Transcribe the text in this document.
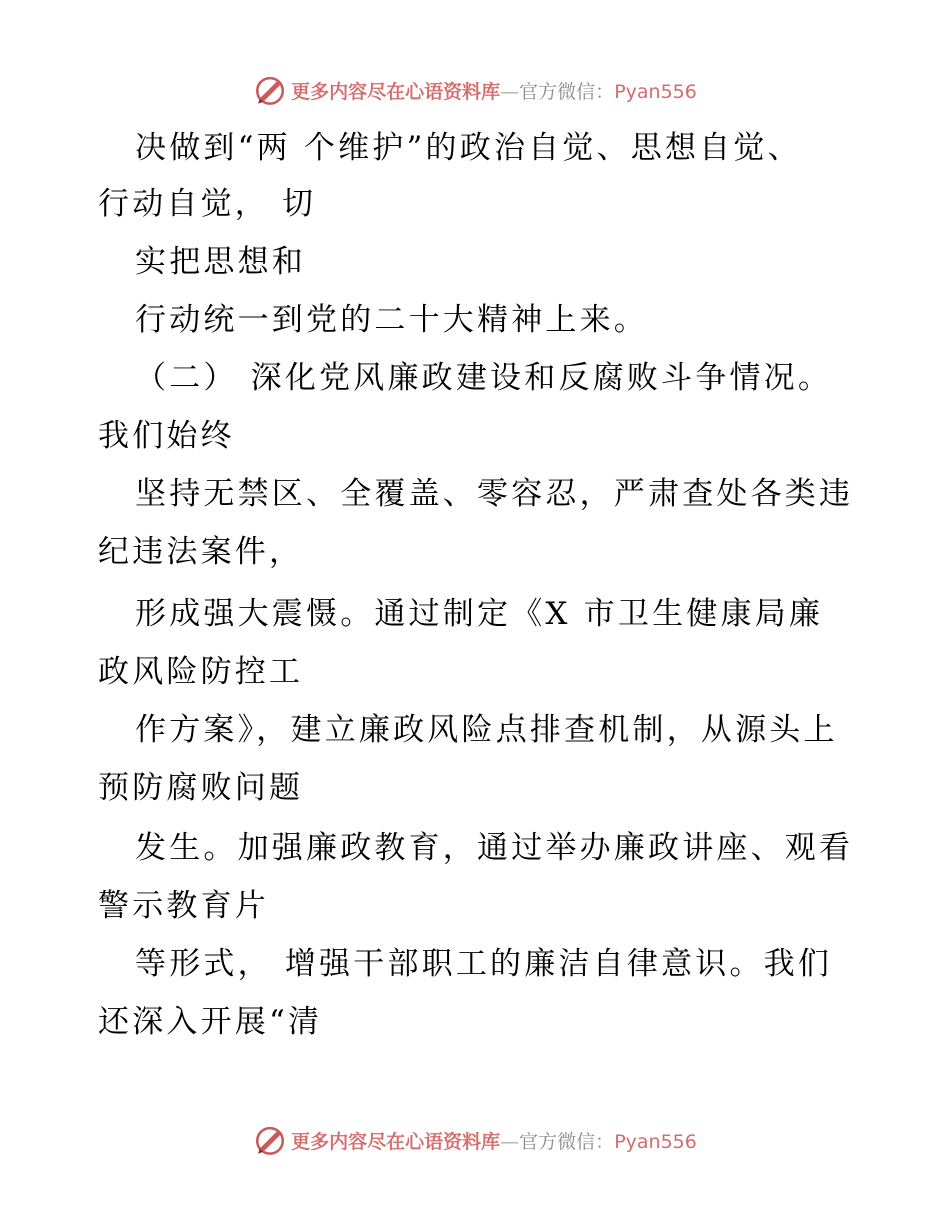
更多内容尽在心语资料库—官方微信：Pyan556
决做到“两 个维护”的政治自觉、思想自觉、
行动自觉， 切
实把思想和
行动统一到党的二十大精神上来。
（二） 深化党风廉政建设和反腐败斗争情况。
我们始终
坚持无禁区、全覆盖、零容忍，严肃查处各类违
纪违法案件，
形成强大震慑。通过制定《X 市卫生健康局廉
政风险防控工
作方案》，建立廉政风险点排查机制，从源头上
预防腐败问题
发生。加强廉政教育，通过举办廉政讲座、观看
警示教育片
等形式， 增强干部职工的廉洁自律意识。我们
还深入开展“清
更多内容尽在心语资料库—官方微信：Pyan556
